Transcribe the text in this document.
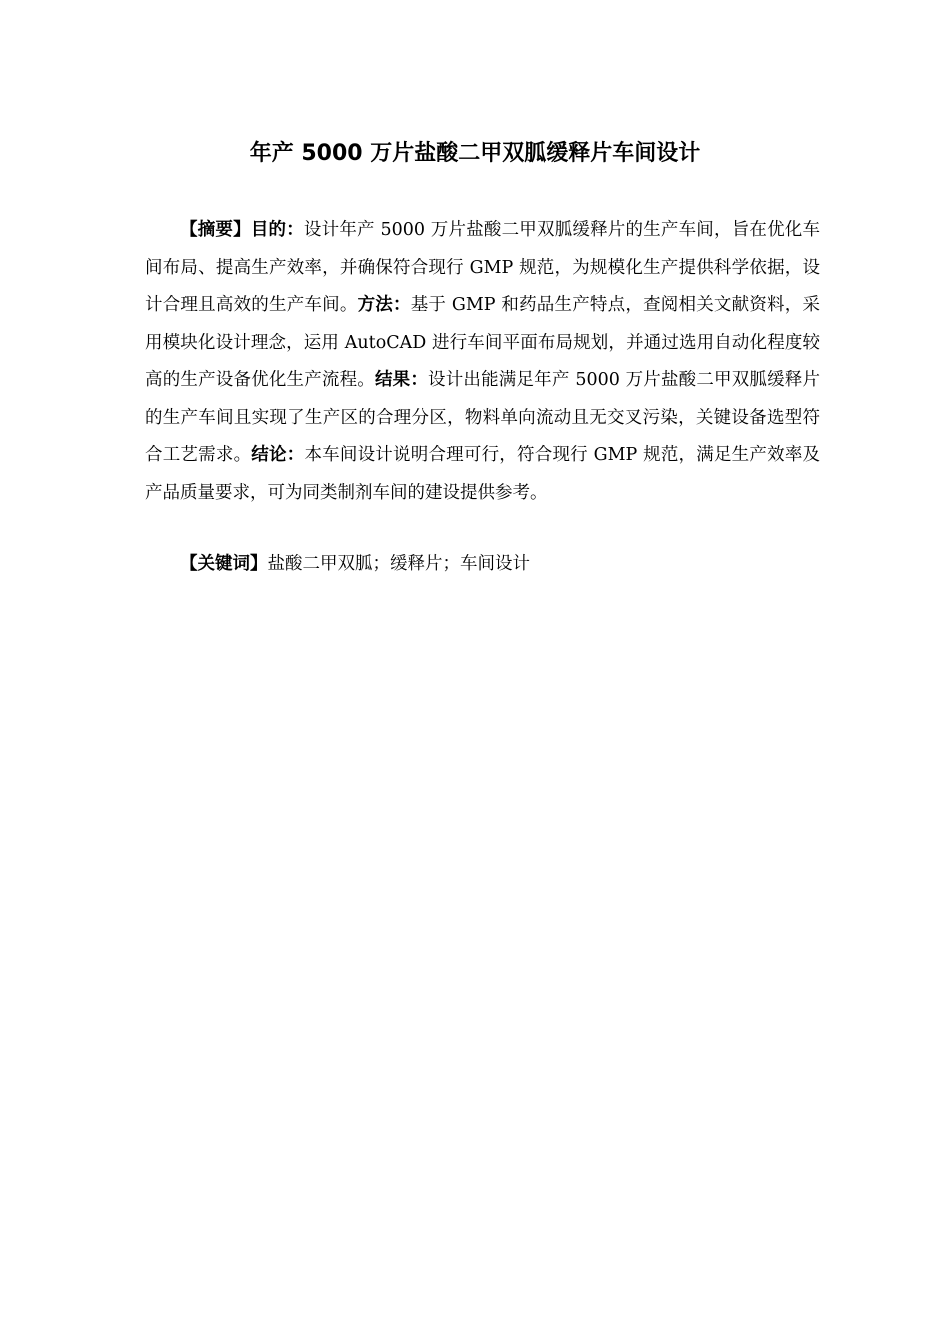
年产 5000 万片盐酸二甲双胍缓释片车间设计

【摘要】目的：设计年产 5000 万片盐酸二甲双胍缓释片的生产车间，旨在优化车间布局、提高生产效率，并确保符合现行 GMP 规范，为规模化生产提供科学依据，设计合理且高效的生产车间。方法：基于 GMP 和药品生产特点，查阅相关文献资料，采用模块化设计理念，运用 AutoCAD 进行车间平面布局规划，并通过选用自动化程度较高的生产设备优化生产流程。结果：设计出能满足年产 5000 万片盐酸二甲双胍缓释片的生产车间且实现了生产区的合理分区，物料单向流动且无交叉污染，关键设备选型符合工艺需求。结论：本车间设计说明合理可行，符合现行 GMP 规范，满足生产效率及产品质量要求，可为同类制剂车间的建设提供参考。

【关键词】盐酸二甲双胍；缓释片；车间设计
